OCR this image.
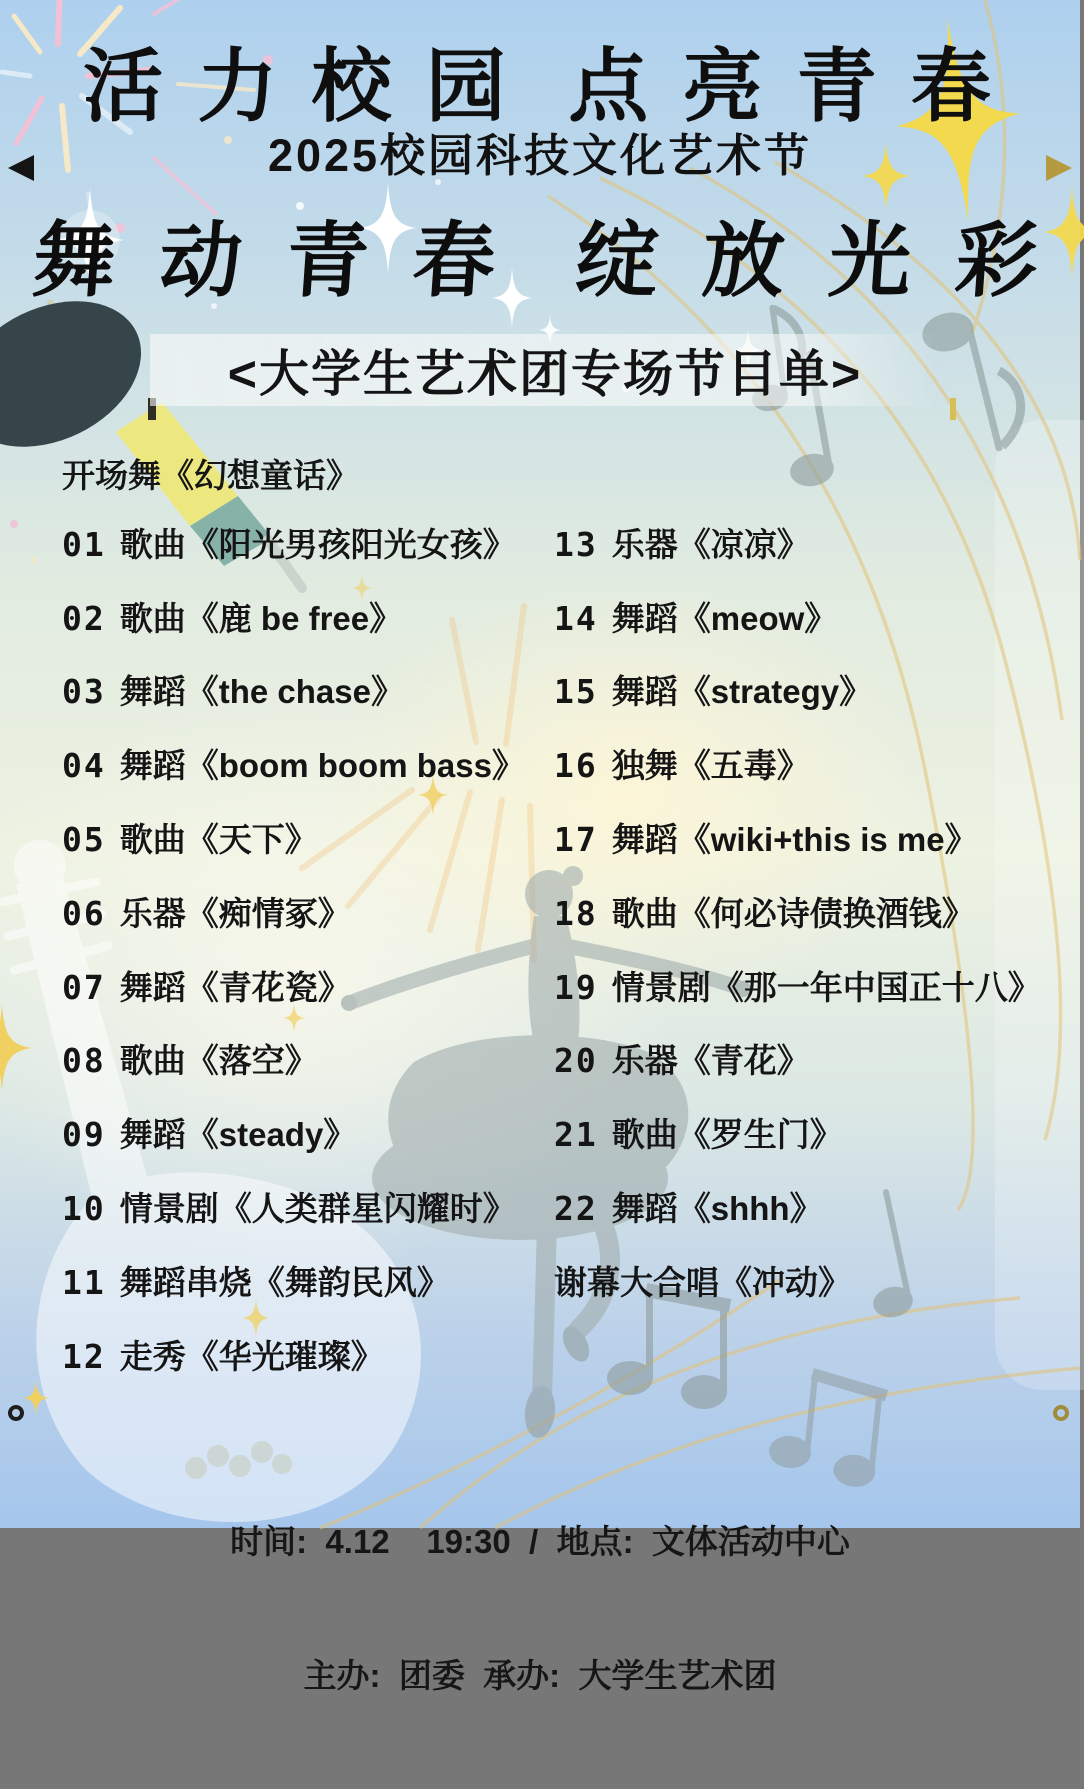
活 力 校 园  点 亮 青 春
2025校园科技文化艺术节
舞 动 青 春  绽 放 光 彩
<大学生艺术团专场节目单>
开场舞《幻想童话》
01 歌曲《阳光男孩阳光女孩》
02 歌曲《鹿 be free》
03 舞蹈《the chase》
04 舞蹈《boom boom bass》
05 歌曲《天下》
06 乐器《痴情冢》
07 舞蹈《青花瓷》
08 歌曲《落空》
09 舞蹈《steady》
10 情景剧《人类群星闪耀时》
11 舞蹈串烧《舞韵民风》
12 走秀《华光璀璨》
13 乐器《凉凉》
14 舞蹈《meow》
15 舞蹈《strategy》
16 独舞《五毒》
17 舞蹈《wiki+this is me》
18 歌曲《何必诗债换酒钱》
19 情景剧《那一年中国正十八》
20 乐器《青花》
21 歌曲《罗生门》
22 舞蹈《shhh》
谢幕大合唱《冲动》

时间:  4.12    19:30  /  地点:  文体活动中心

主办:  团委  承办:  大学生艺术团
